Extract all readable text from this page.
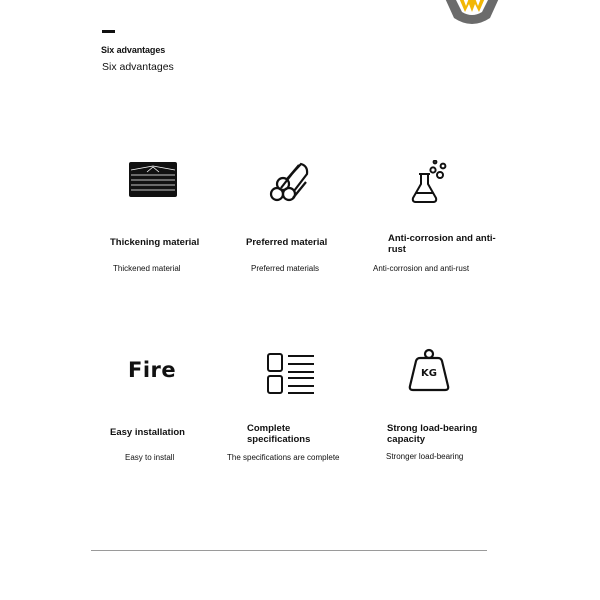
Six advantages
Six advantages
Thickening material
Thickened material
Preferred material
Preferred materials
Anti-corrosion and anti-rust
Anti-corrosion and anti-rust
Fire
Easy installation
Easy to install
Complete specifications
The specifications are complete
KG
Strong load-bearing capacity
Stronger load-bearing
